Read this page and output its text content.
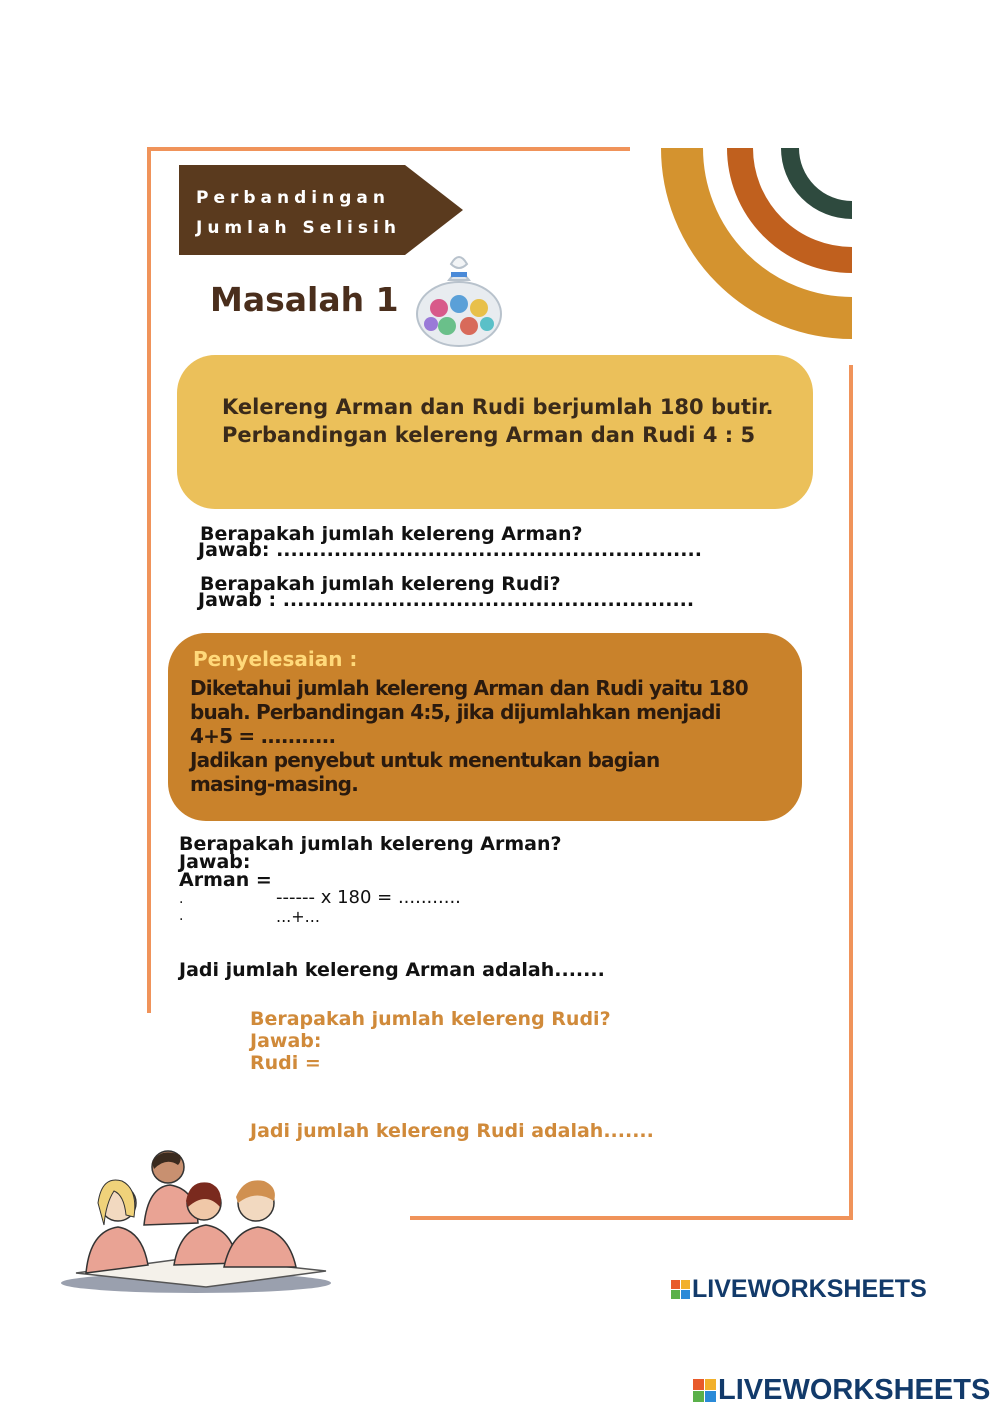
Perbandingan
Jumlah Selisih
Masalah 1
Kelereng Arman dan Rudi berjumlah 180 butir. Perbandingan kelereng Arman dan Rudi 4 : 5
Berapakah jumlah kelereng Arman?
Jawab: ...........................................................
Berapakah jumlah kelereng Rudi?
Jawab : .........................................................
Penyelesaian :
Diketahui jumlah kelereng Arman dan Rudi yaitu 180
buah. Perbandingan 4:5, jika dijumlahkan menjadi
4+5 = ...........
Jadikan penyebut untuk menentukan bagian
masing-masing.
Berapakah jumlah kelereng Arman?
Jawab:
Arman =
------ x 180 = ...........
...+...
.
.
Jadi jumlah kelereng Arman adalah.......
Berapakah jumlah kelereng Rudi?
Jawab:
Rudi =
Jadi jumlah kelereng Rudi adalah.......
LIVEWORKSHEETS
LIVEWORKSHEETS
